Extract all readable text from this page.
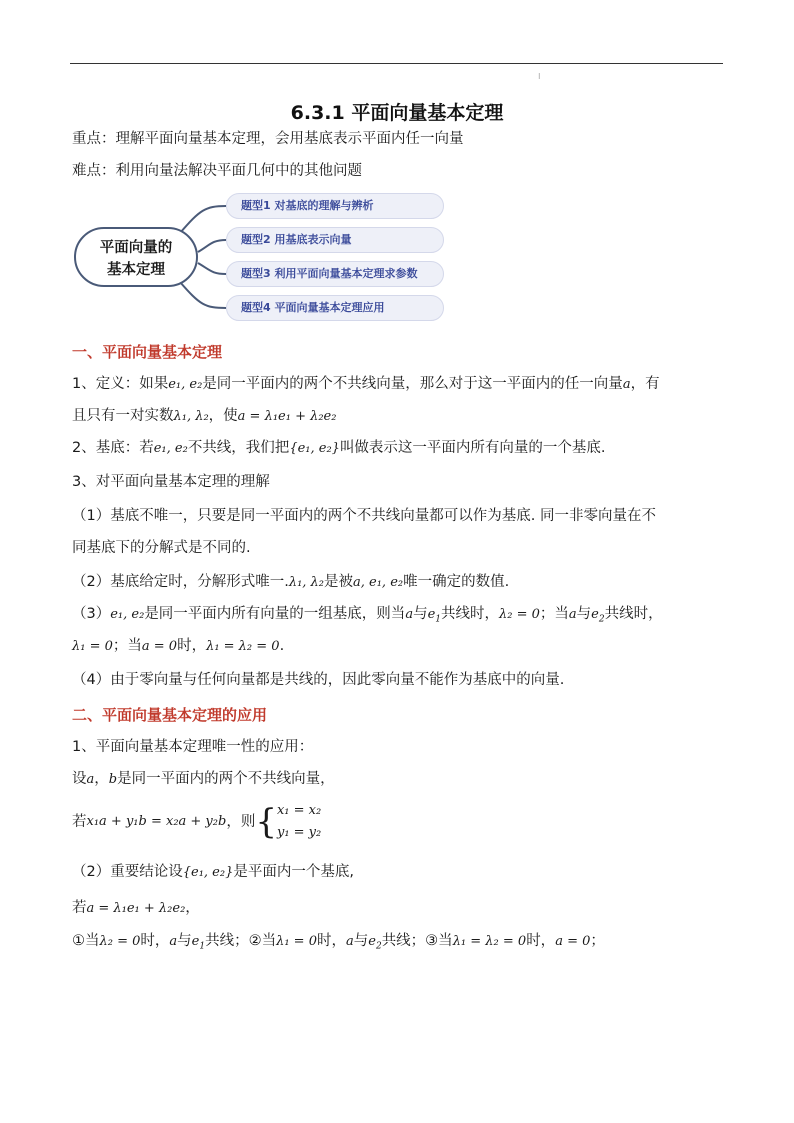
⁝
6.3.1 平面向量基本定理
重点：理解平面向量基本定理，会用基底表示平面内任一向量
难点：利用向量法解决平面几何中的其他问题
平面向量的
基本定理
题型1 对基底的理解与辨析
题型2 用基底表示向量
题型3 利用平面向量基本定理求参数
题型4 平面向量基本定理应用
一、平面向量基本定理
1、定义：如果e₁, e₂是同一平面内的两个不共线向量，那么对于这一平面内的任一向量a，有
且只有一对实数λ₁, λ₂，使a = λ₁e₁ + λ₂e₂
2、基底：若e₁, e₂不共线，我们把{e₁, e₂}叫做表示这一平面内所有向量的一个基底.
3、对平面向量基本定理的理解
（1）基底不唯一，只要是同一平面内的两个不共线向量都可以作为基底. 同一非零向量在不
同基底下的分解式是不同的.
（2）基底给定时，分解形式唯一.λ₁, λ₂是被a, e₁, e₂唯一确定的数值.
（3）e₁, e₂是同一平面内所有向量的一组基底，则当a与$e_1$共线时，λ₂ = 0；当a与$e_2$共线时，
λ₁ = 0；当a = 0时，λ₁ = λ₂ = 0.
（4）由于零向量与任何向量都是共线的，因此零向量不能作为基底中的向量.
二、平面向量基本定理的应用
1、平面向量基本定理唯一性的应用：
设a，b是同一平面内的两个不共线向量，
若x₁a + y₁b = x₂a + y₂b，则{ x₁ = x₂
y₁ = y₂
（2）重要结论设{e₁, e₂}是平面内一个基底,
若a = λ₁e₁ + λ₂e₂，
①当λ₂ = 0时，a与$e_1$共线；②当λ₁ = 0时，a与$e_2$共线；③当λ₁ = λ₂ = 0时，a = 0；
